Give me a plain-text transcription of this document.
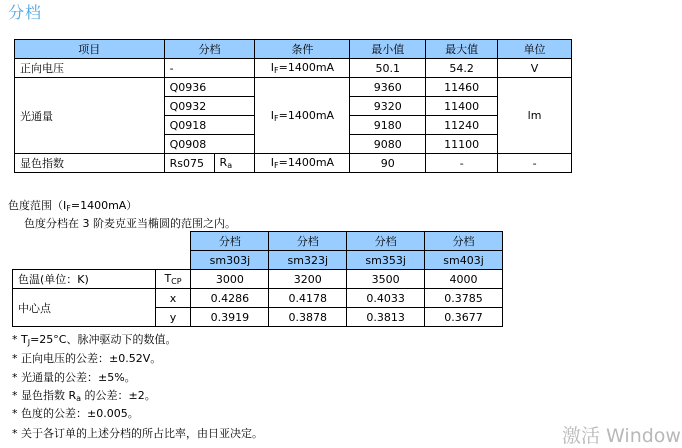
分档
项目	分档		条件	最小值	最大值	单位
正向电压	-		$I_F=1400mA$	50.1	54.2	V
光通量	Q0936		$I_F=1400mA$	9360	11460	lm
	Q0932			9320	11400	
	Q0918			9180	11240	
	Q0908			9080	11100	
显色指数	Rs075	$R_a$	$I_F=1400mA$	90	-	-
色度范围$(I_F=1400mA)$
色度分档在 3 阶麦克亚当椭圆的范围之内。
		分档	分档	分档	分档
		sm303j	sm323j	sm353j	sm403j
色温(单位：K)	$T_{CP}$	3000	3200	3500	4000
中心点	x	0.4286	0.4178	0.4033	0.3785
	y	0.3919	0.3878	0.3813	0.3677
* $T_J=25^\circ C$、脉冲驱动下的数值。
* 正向电压的公差：±0.52V。
* 光通量的公差：±5%。
* 显色指数 $R_a$ 的公差：±2。
* 色度的公差：±0.005。
* 关于各订单的上述分档的所占比率，由日亚决定。	激活 Window
